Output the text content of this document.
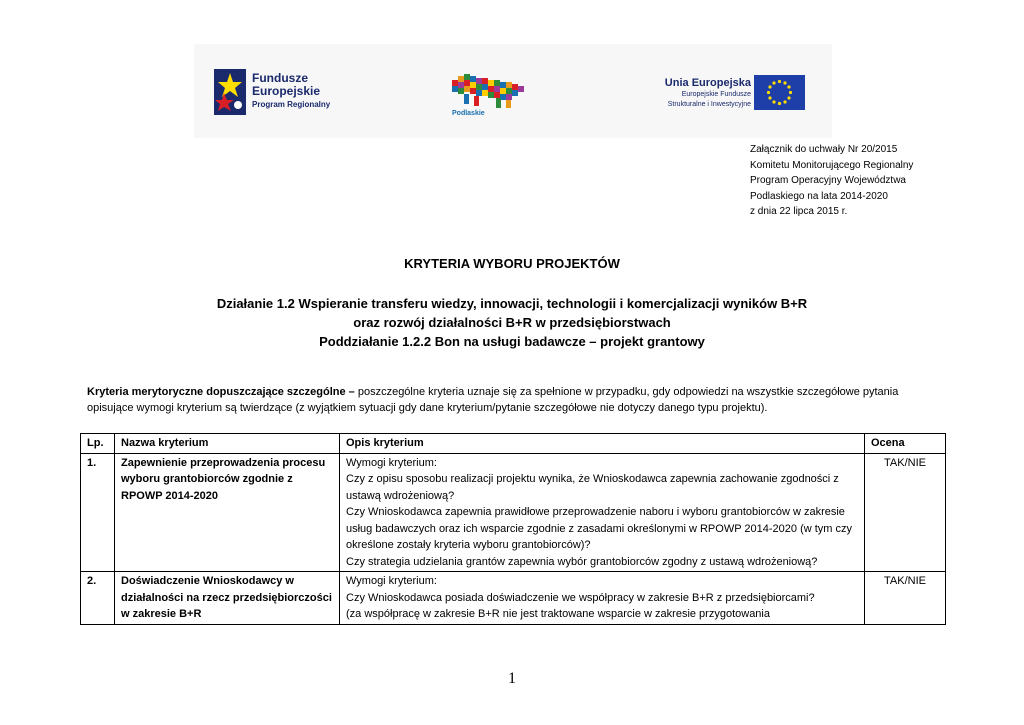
Fundusze
Europejskie
Program Regionalny
Podlaskie
Unia Europejska
Europejskie Fundusze
Strukturalne i Inwestycyjne
Załącznik do uchwały Nr 20/2015
Komitetu Monitorującego Regionalny
Program Operacyjny Województwa
Podlaskiego na lata 2014-2020
z dnia 22 lipca 2015 r.
KRYTERIA WYBORU PROJEKTÓW
Działanie 1.2 Wspieranie transferu wiedzy, innowacji, technologii i komercjalizacji wyników B+R
oraz rozwój działalności B+R w przedsiębiorstwach
Poddziałanie 1.2.2 Bon na usługi badawcze – projekt grantowy
Kryteria merytoryczne dopuszczające szczególne – poszczególne kryteria uznaje się za spełnione w przypadku, gdy odpowiedzi na wszystkie szczegółowe pytania opisujące wymogi kryterium są twierdzące (z wyjątkiem sytuacji gdy dane kryterium/pytanie szczegółowe nie dotyczy danego typu projektu).
Lp.	Nazwa kryterium	Opis kryterium	Ocena
1.	Zapewnienie przeprowadzenia procesu wyboru grantobiorców zgodnie z RPOWP 2014-2020	Wymogi kryterium:
Czy z opisu sposobu realizacji projektu wynika, że Wnioskodawca zapewnia zachowanie zgodności z ustawą wdrożeniową?
Czy Wnioskodawca zapewnia prawidłowe przeprowadzenie naboru i wyboru grantobiorców w zakresie usług badawczych oraz ich wsparcie zgodnie z zasadami określonymi w RPOWP 2014-2020 (w tym czy określone zostały kryteria wyboru grantobiorców)?
Czy strategia udzielania grantów zapewnia wybór grantobiorców zgodny z ustawą wdrożeniową?	TAK/NIE
2.	Doświadczenie Wnioskodawcy w działalności na rzecz przedsiębiorczości w zakresie B+R	Wymogi kryterium:
Czy Wnioskodawca posiada doświadczenie we współpracy w zakresie B+R z przedsiębiorcami?
(za współpracę w zakresie B+R nie jest traktowane wsparcie w zakresie przygotowania	TAK/NIE
1
